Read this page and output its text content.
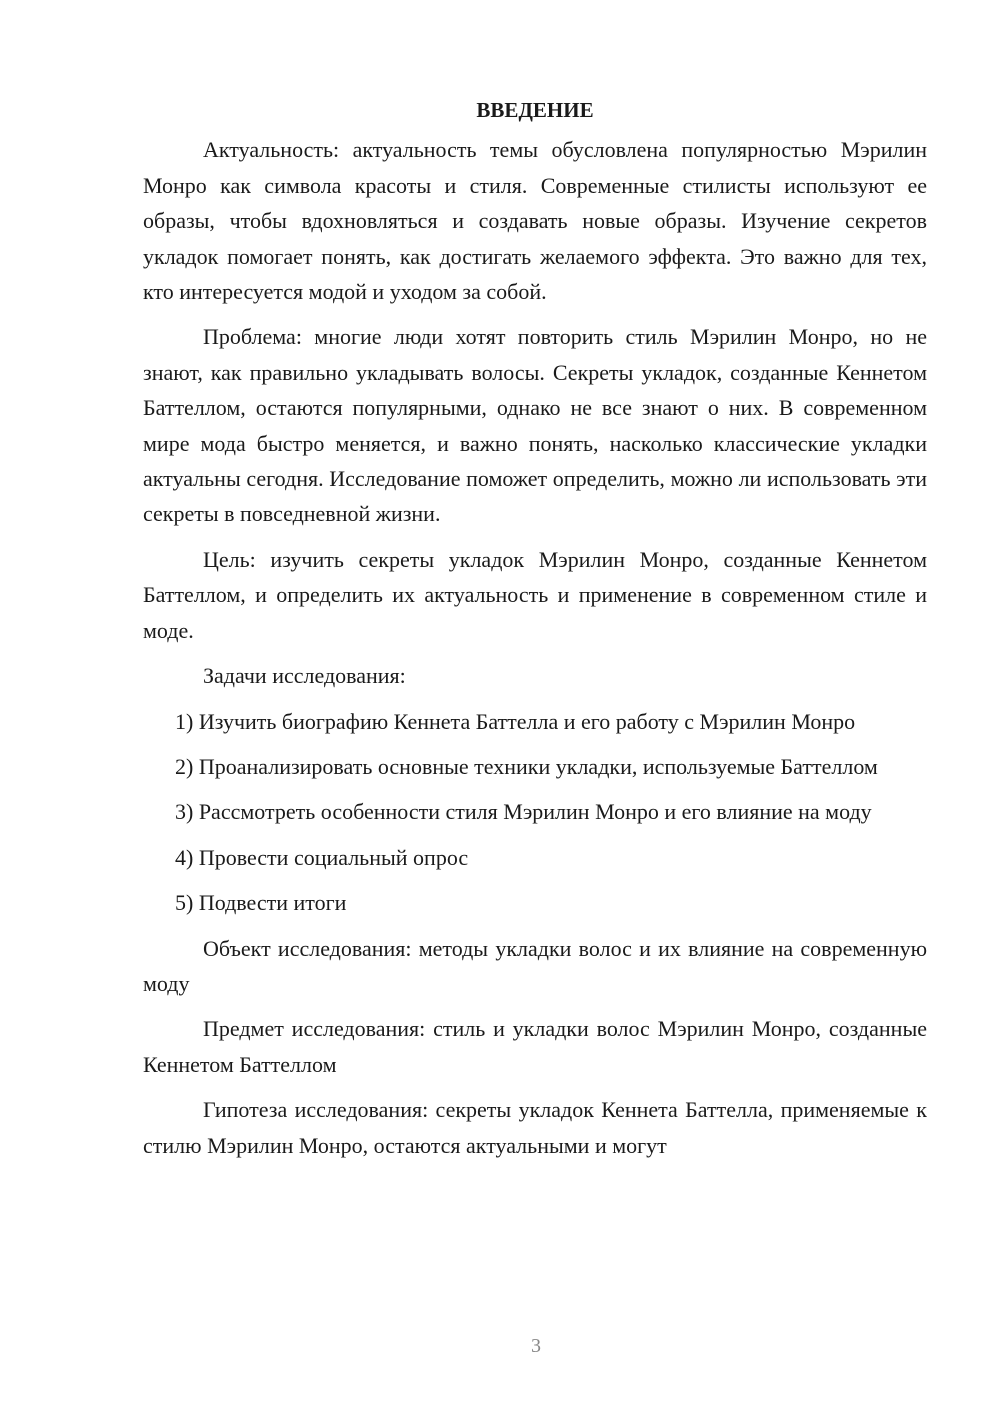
ВВЕДЕНИЕ

Актуальность: актуальность темы обусловлена популярностью Мэрилин Монро как символа красоты и стиля. Современные стилисты используют ее образы, чтобы вдохновляться и создавать новые образы. Изучение секретов укладок помогает понять, как достигать желаемого эффекта. Это важно для тех, кто интересуется модой и уходом за собой.

Проблема: многие люди хотят повторить стиль Мэрилин Монро, но не знают, как правильно укладывать волосы. Секреты укладок, созданные Кеннетом Баттеллом, остаются популярными, однако не все знают о них. В современном мире мода быстро меняется, и важно понять, насколько классические укладки актуальны сегодня. Исследование поможет определить, можно ли использовать эти секреты в повседневной жизни.

Цель: изучить секреты укладок Мэрилин Монро, созданные Кеннетом Баттеллом, и определить их актуальность и применение в современном стиле и моде.

Задачи исследования:

1) Изучить биографию Кеннета Баттелла и его работу с Мэрилин Монро

2) Проанализировать основные техники укладки, используемые Баттеллом

3) Рассмотреть особенности стиля Мэрилин Монро и его влияние на моду

4) Провести социальный опрос

5) Подвести итоги

Объект исследования: методы укладки волос и их влияние на современную моду

Предмет исследования: стиль и укладки волос Мэрилин Монро, созданные Кеннетом Баттеллом

Гипотеза исследования: секреты укладок Кеннета Баттелла, применяемые к стилю Мэрилин Монро, остаются актуальными и могут

3
